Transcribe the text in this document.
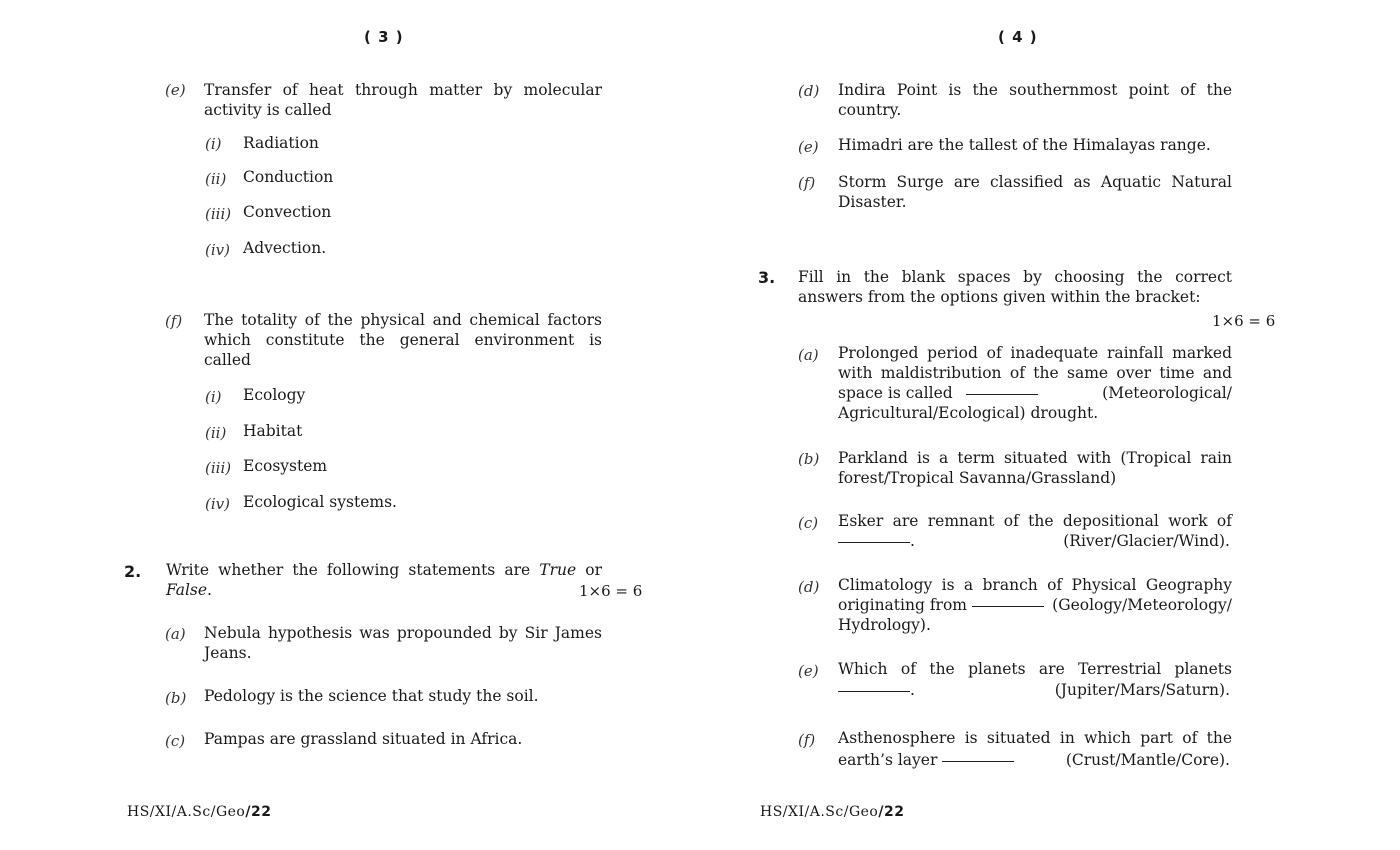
( 3 )
(e) Transfer of heat through matter by molecular activity is called
(i) Radiation
(ii) Conduction
(iii) Convection
(iv) Advection.
(f) The totality of the physical and chemical factors which constitute the general environment is called
(i) Ecology
(ii) Habitat
(iii) Ecosystem
(iv) Ecological systems.
2. Write whether the following statements are True or
False.	1×6 = 6
(a) Nebula hypothesis was propounded by Sir James Jeans.
(b) Pedology is the science that study the soil.
(c) Pampas are grassland situated in Africa.
HS/XI/A.Sc/Geo/22
( 4 )
(d) Indira Point is the southernmost point of the country.
(e) Himadri are the tallest of the Himalayas range.
(f) Storm Surge are classified as Aquatic Natural Disaster.
3. Fill in the blank spaces by choosing the correct answers from the options given within the bracket:
1×6 = 6
(a) Prolonged period of inadequate rainfall marked
with maldistribution of the same over time and
space is called	(Meteorological/
Agricultural/Ecological) drought.
(b) Parkland is a term situated with (Tropical rain forest/Tropical Savanna/Grassland)
(c) Esker are remnant of the depositional work of
.	(River/Glacier/Wind).
(d) Climatology is a branch of Physical Geography
originating from	(Geology/Meteorology/
Hydrology).
(e) Which of the planets are Terrestrial planets
.	(Jupiter/Mars/Saturn).
(f) Asthenosphere is situated in which part of the
earth’s layer	(Crust/Mantle/Core).
HS/XI/A.Sc/Geo/22
